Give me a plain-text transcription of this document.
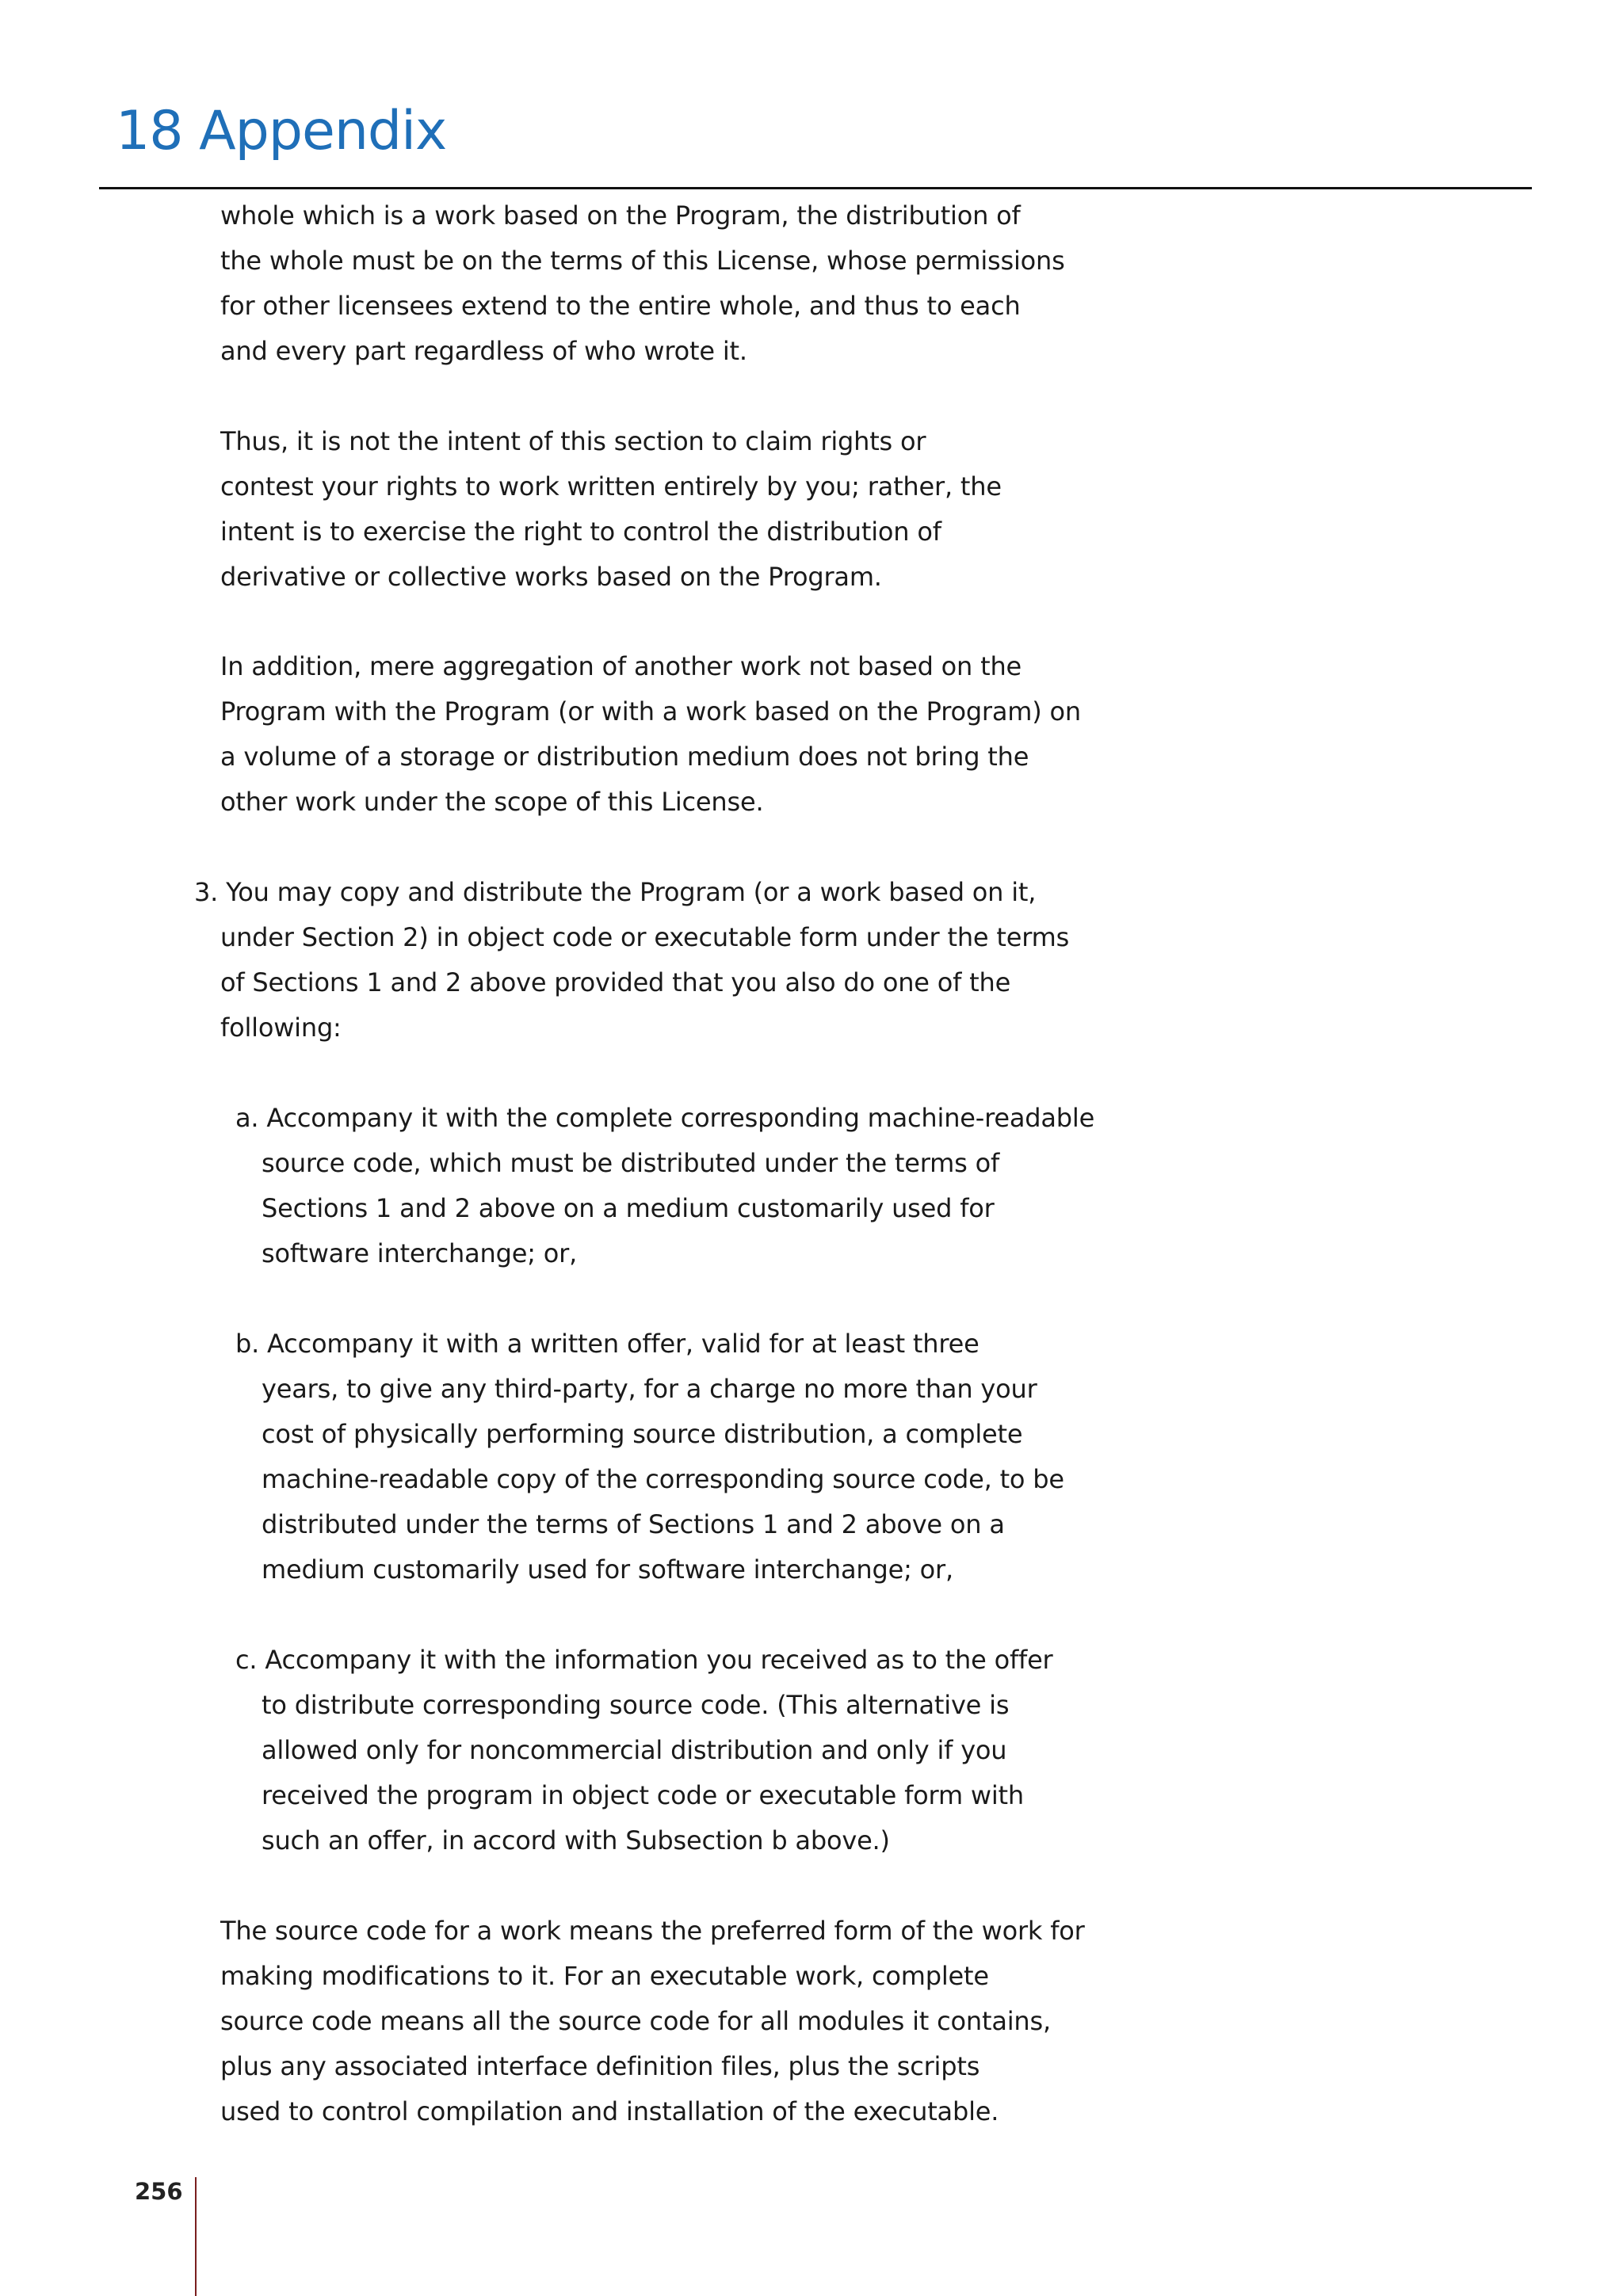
18 Appendix
whole which is a work based on the Program, the distribution of
the whole must be on the terms of this License, whose permissions
for other licensees extend to the entire whole, and thus to each
and every part regardless of who wrote it.
Thus, it is not the intent of this section to claim rights or
contest your rights to work written entirely by you; rather, the
intent is to exercise the right to control the distribution of
derivative or collective works based on the Program.
In addition, mere aggregation of another work not based on the
Program with the Program (or with a work based on the Program) on
a volume of a storage or distribution medium does not bring the
other work under the scope of this License.
3. You may copy and distribute the Program (or a work based on it,
under Section 2) in object code or executable form under the terms
of Sections 1 and 2 above provided that you also do one of the
following:
a. Accompany it with the complete corresponding machine-readable
source code, which must be distributed under the terms of
Sections 1 and 2 above on a medium customarily used for
software interchange; or,
b. Accompany it with a written offer, valid for at least three
years, to give any third-party, for a charge no more than your
cost of physically performing source distribution, a complete
machine-readable copy of the corresponding source code, to be
distributed under the terms of Sections 1 and 2 above on a
medium customarily used for software interchange; or,
c. Accompany it with the information you received as to the offer
to distribute corresponding source code. (This alternative is
allowed only for noncommercial distribution and only if you
received the program in object code or executable form with
such an offer, in accord with Subsection b above.)
The source code for a work means the preferred form of the work for
making modifications to it. For an executable work, complete
source code means all the source code for all modules it contains,
plus any associated interface definition files, plus the scripts
used to control compilation and installation of the executable.
256
